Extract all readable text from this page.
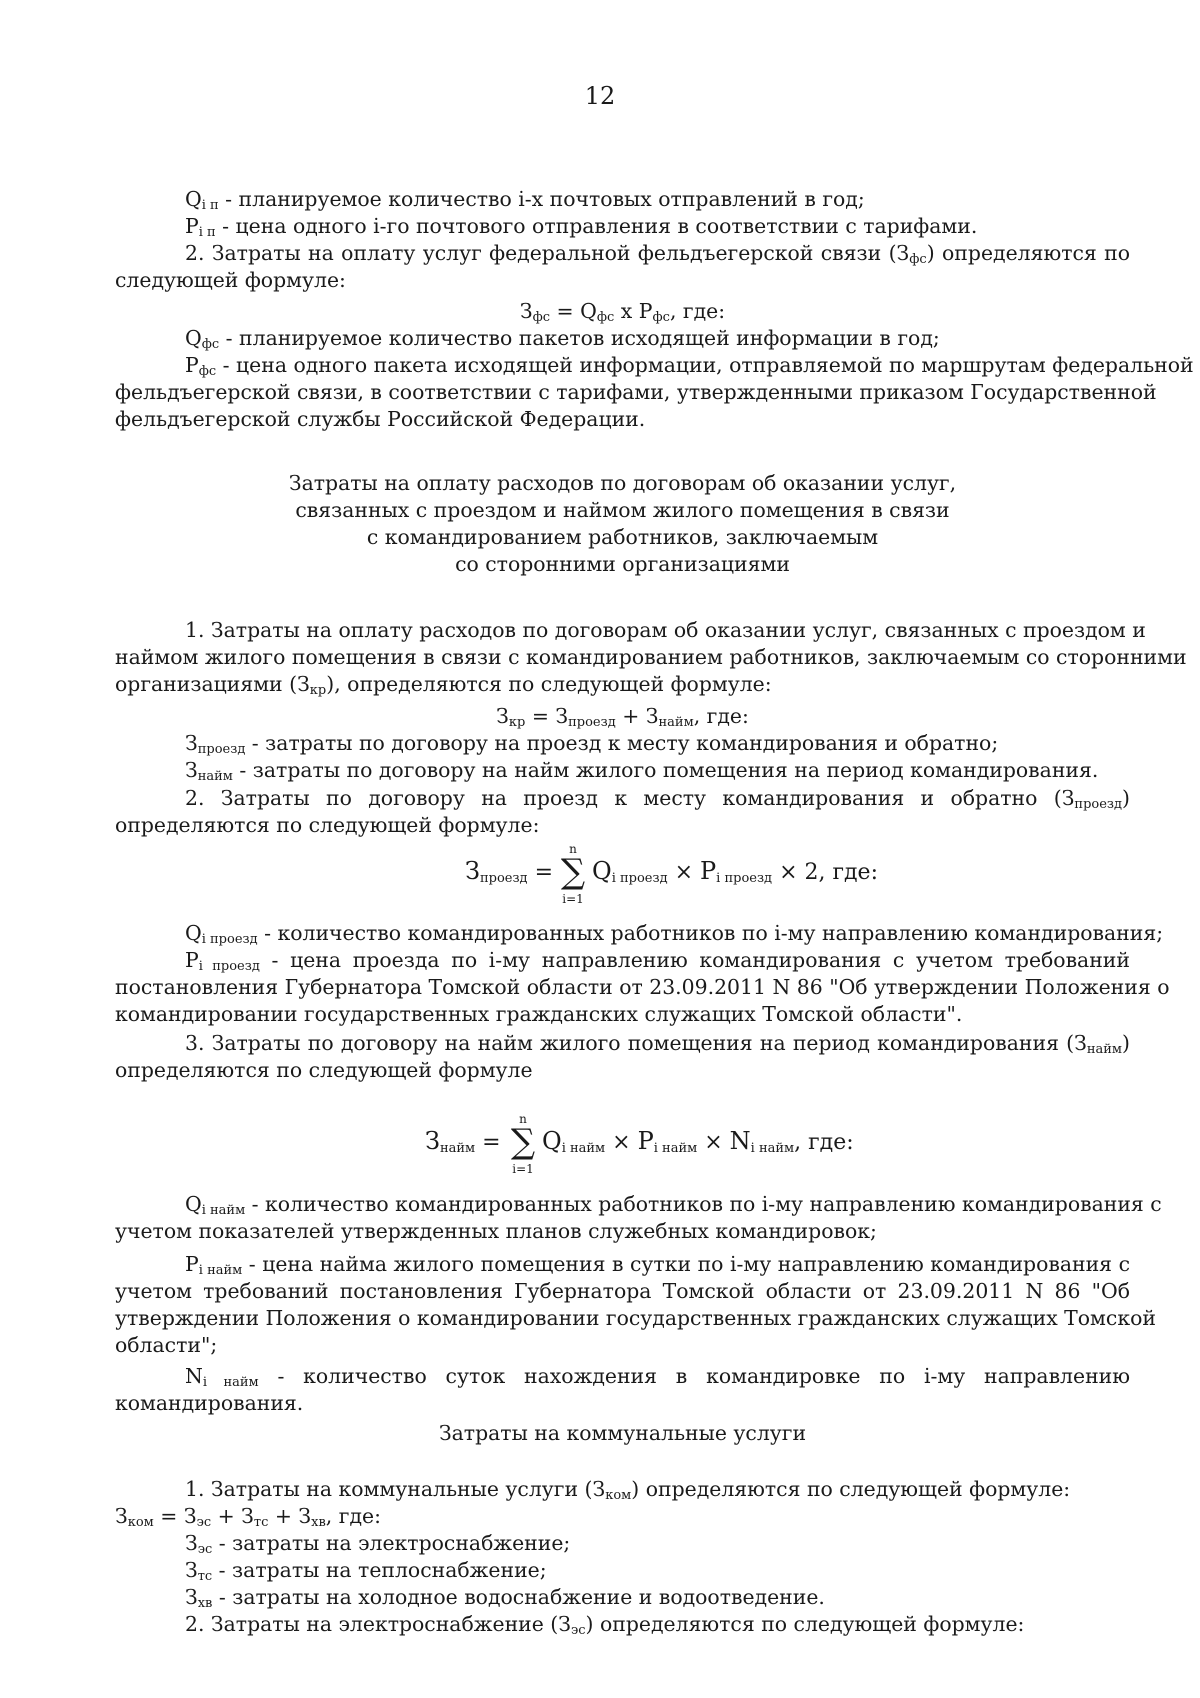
12
$Q_{i п}$ - планируемое количество i-х почтовых отправлений в год;
$P_{i п}$ - цена одного i-го почтового отправления в соответствии с тарифами.
2. Затраты на оплату услуг федеральной фельдъегерской связи $(З_{фс})$ определяются по
следующей формуле:
$З_{фс} = Q_{фс}$ x $P_{фс}$, где:
$Q_{фс}$ - планируемое количество пакетов исходящей информации в год;
$P_{фс}$ - цена одного пакета исходящей информации, отправляемой по маршрутам федеральной
фельдъегерской связи, в соответствии с тарифами, утвержденными приказом Государственной
фельдъегерской службы Российской Федерации.
Затраты на оплату расходов по договорам об оказании услуг,
связанных с проездом и наймом жилого помещения в связи
с командированием работников, заключаемым
со сторонними организациями
1. Затраты на оплату расходов по договорам об оказании услуг, связанных с проездом и
наймом жилого помещения в связи с командированием работников, заключаемым со сторонними
организациями $(З_{кр})$, определяются по следующей формуле:
$З_{кр} = З_{проезд} + З_{найм}$, где:
$З_{проезд}$ - затраты по договору на проезд к месту командирования и обратно;
$З_{найм}$ - затраты по договору на найм жилого помещения на период командирования.
2. Затраты по договору на проезд к месту командирования и обратно $(З_{проезд})$
определяются по следующей формуле:
$З_{проезд}$ =
n
∑
i=1
$Q_{i проезд} \times P_{i проезд} \times 2$, где:
$Q_{i проезд}$ - количество командированных работников по i-му направлению командирования;
$P_{i проезд}$ - цена проезда по i-му направлению командирования с учетом требований
постановления Губернатора Томской области от 23.09.2011 N 86 "Об утверждении Положения о
командировании государственных гражданских служащих Томской области".
3. Затраты по договору на найм жилого помещения на период командирования $(З_{найм})$
определяются по следующей формуле
$З_{найм}$ =
n
∑
i=1
$Q_{i найм} \times P_{i найм} \times N_{i найм}$, где:
$Q_{i найм}$ - количество командированных работников по i-му направлению командирования с
учетом показателей утвержденных планов служебных командировок;
$P_{i найм}$ - цена найма жилого помещения в сутки по i-му направлению командирования с
учетом требований постановления Губернатора Томской области от 23.09.2011 N 86 "Об
утверждении Положения о командировании государственных гражданских служащих Томской
области";
$N_{i найм}$ - количество суток нахождения в командировке по i-му направлению
командирования.
Затраты на коммунальные услуги
1. Затраты на коммунальные услуги $(З_{ком})$ определяются по следующей формуле:
$З_{ком} = З_{эс} + З_{тс} + З_{хв}$, где:
$З_{эс}$ - затраты на электроснабжение;
$З_{тс}$ - затраты на теплоснабжение;
$З_{хв}$ - затраты на холодное водоснабжение и водоотведение.
2. Затраты на электроснабжение $(З_{эс})$ определяются по следующей формуле:
